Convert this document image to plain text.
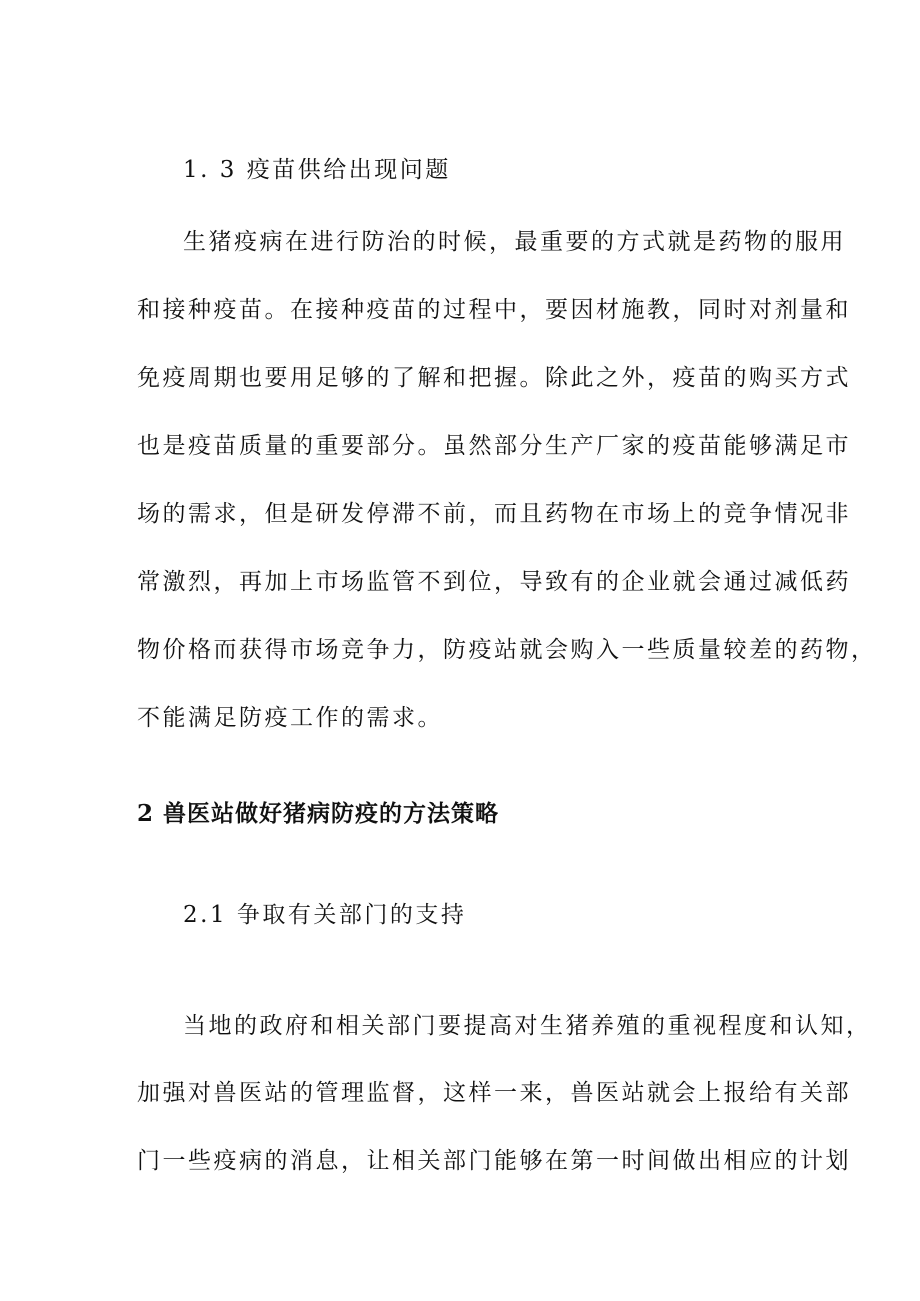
1. 3 疫苗供给出现问题

生猪疫病在进行防治的时候，最重要的方式就是药物的服用

和接种疫苗。在接种疫苗的过程中，要因材施教，同时对剂量和

免疫周期也要用足够的了解和把握。除此之外，疫苗的购买方式

也是疫苗质量的重要部分。虽然部分生产厂家的疫苗能够满足市

场的需求，但是研发停滞不前，而且药物在市场上的竞争情况非

常激烈，再加上市场监管不到位，导致有的企业就会通过减低药

物价格而获得市场竞争力，防疫站就会购入一些质量较差的药物，

不能满足防疫工作的需求。

2 兽医站做好猪病防疫的方法策略

2.1 争取有关部门的支持

当地的政府和相关部门要提高对生猪养殖的重视程度和认知，

加强对兽医站的管理监督，这样一来，兽医站就会上报给有关部

门一些疫病的消息，让相关部门能够在第一时间做出相应的计划
